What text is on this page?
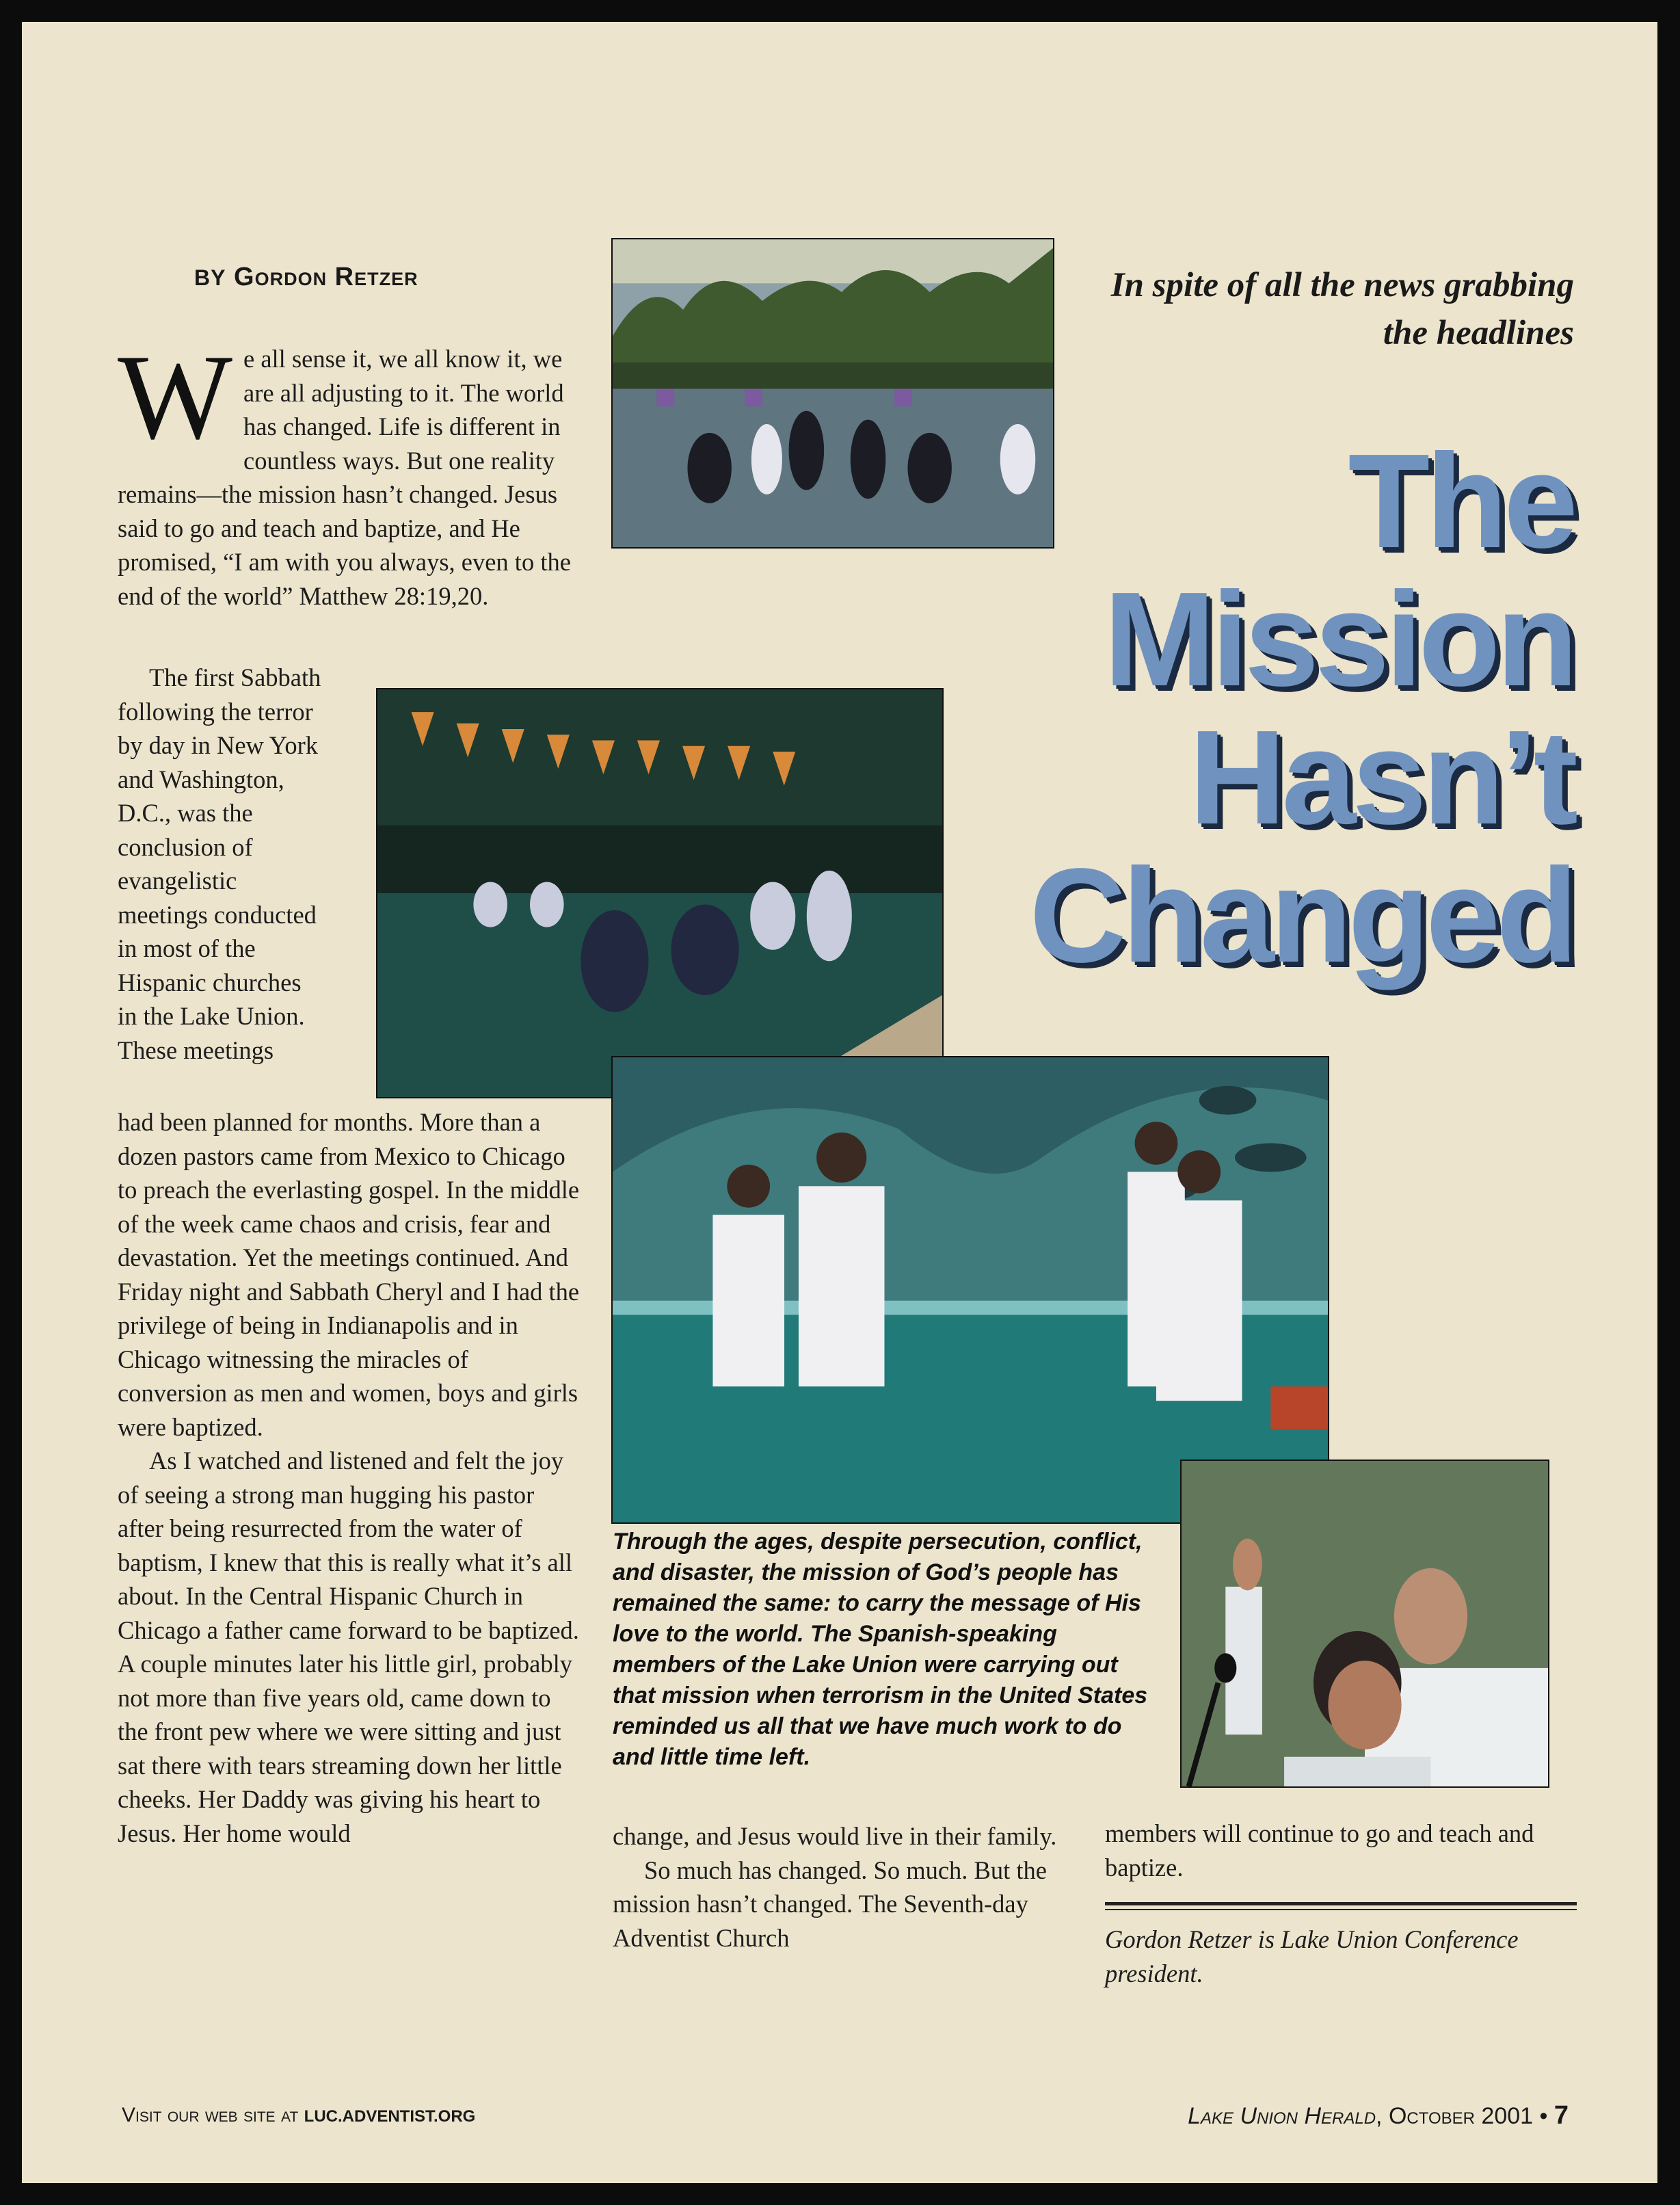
BY Gordon Retzer
W e all sense it, we all know it, we are all adjusting to it. The world has changed. Life is different in countless ways. But one reality remains—the mission hasn’t changed. Jesus said to go and teach and baptize, and He promised, “I am with you always, even to the end of the world” Matthew 28:19,20.

The first Sabbath following the terror by day in New York and Washington, D.C., was the conclusion of evangelistic meetings conducted in most of the Hispanic churches in the Lake Union. These meetings

had been planned for months. More than a dozen pastors came from Mexico to Chicago to preach the everlasting gospel. In the middle of the week came chaos and crisis, fear and devastation. Yet the meetings continued. And Friday night and Sabbath Cheryl and I had the privilege of being in Indianapolis and in Chicago witnessing the miracles of conversion as men and women, boys and girls were baptized.

As I watched and listened and felt the joy of seeing a strong man hugging his pastor after being resurrected from the water of baptism, I knew that this is really what it’s all about. In the Central Hispanic Church in Chicago a father came forward to be baptized. A couple minutes later his little girl, probably not more than five years old, came down to the front pew where we were sitting and just sat there with tears streaming down her little cheeks. Her Daddy was giving his heart to Jesus. Her home would	change, and Jesus would live in their family.

So much has changed. So much. But the mission hasn’t changed. The Seventh-day Adventist Church

members will continue to go and teach and baptize.

Gordon Retzer is Lake Union Conference president.

In spite of all the news grabbing the headlines
The
Mission
Hasn’t
Changed
Through the ages, despite persecution, conflict, and disaster, the mission of God’s people has remained the same: to carry the message of His love to the world. The Spanish-speaking members of the Lake Union were carrying out that mission when terrorism in the United States reminded us all that we have much work to do and little time left.
Visit our web site at LUC.ADVENTIST.ORG	Lake Union Herald, October 2001 • 7
